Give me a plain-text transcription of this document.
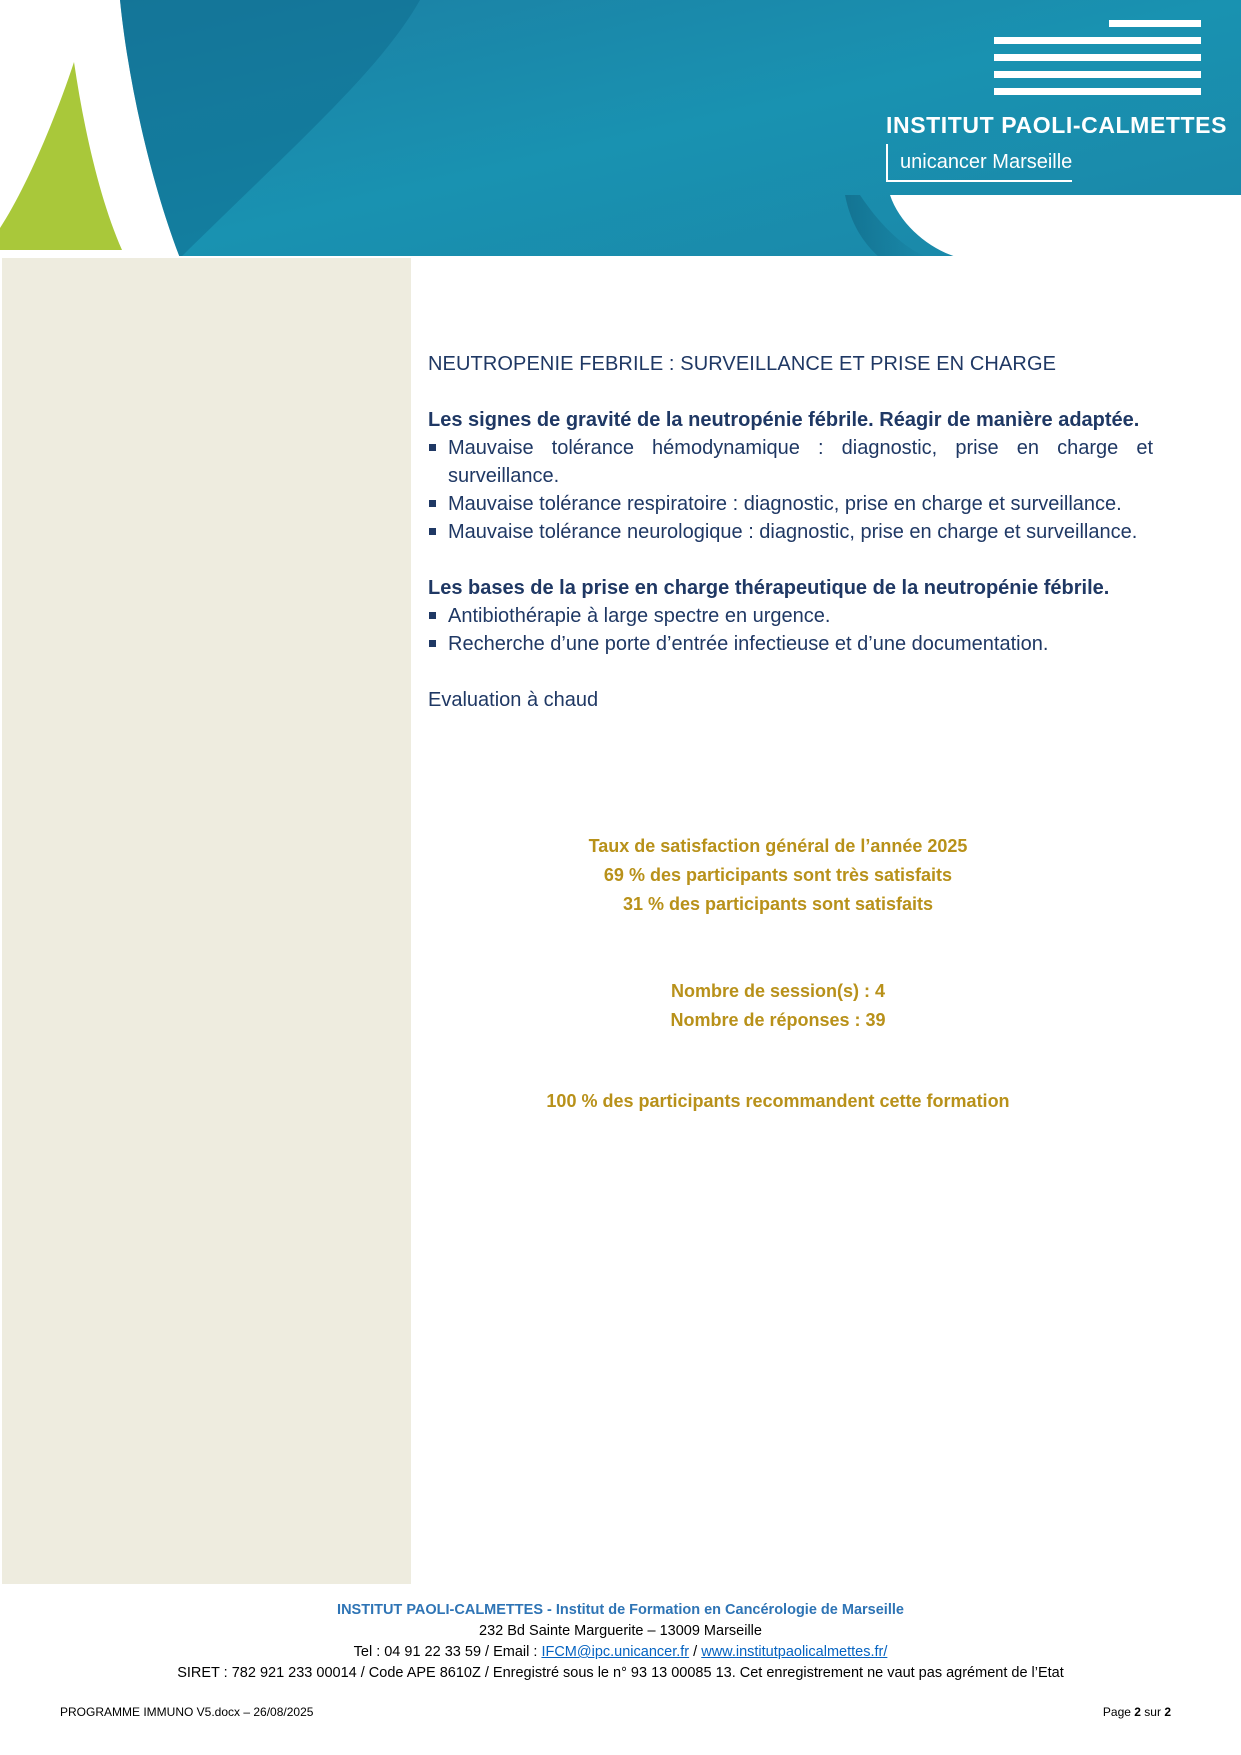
INSTITUT PAOLI-CALMETTES
unicancer Marseille

NEUTROPENIE FEBRILE : SURVEILLANCE ET PRISE EN CHARGE

Les signes de gravité de la neutropénie fébrile. Réagir de manière adaptée.

Mauvaise tolérance hémodynamique : diagnostic, prise en charge et surveillance.
Mauvaise tolérance respiratoire : diagnostic, prise en charge et surveillance.
Mauvaise tolérance neurologique : diagnostic, prise en charge et surveillance.

Les bases de la prise en charge thérapeutique de la neutropénie fébrile.

Antibiothérapie à large spectre en urgence.
Recherche d’une porte d’entrée infectieuse et d’une documentation.

Evaluation à chaud

Taux de satisfaction général de l’année 2025

69 % des participants sont très satisfaits

31 % des participants sont satisfaits

Nombre de session(s) : 4

Nombre de réponses : 39

100 % des participants recommandent cette formation

INSTITUT PAOLI-CALMETTES - Institut de Formation en Cancérologie de Marseille
232 Bd Sainte Marguerite – 13009 Marseille
Tel : 04 91 22 33 59 / Email : IFCM@ipc.unicancer.fr / www.institutpaolicalmettes.fr/
SIRET : 782 921 233 00014 / Code APE 8610Z / Enregistré sous le n° 93 13 00085 13. Cet enregistrement ne vaut pas agrément de l’Etat
PROGRAMME IMMUNO V5.docx – 26/08/2025	Page 2 sur 2
